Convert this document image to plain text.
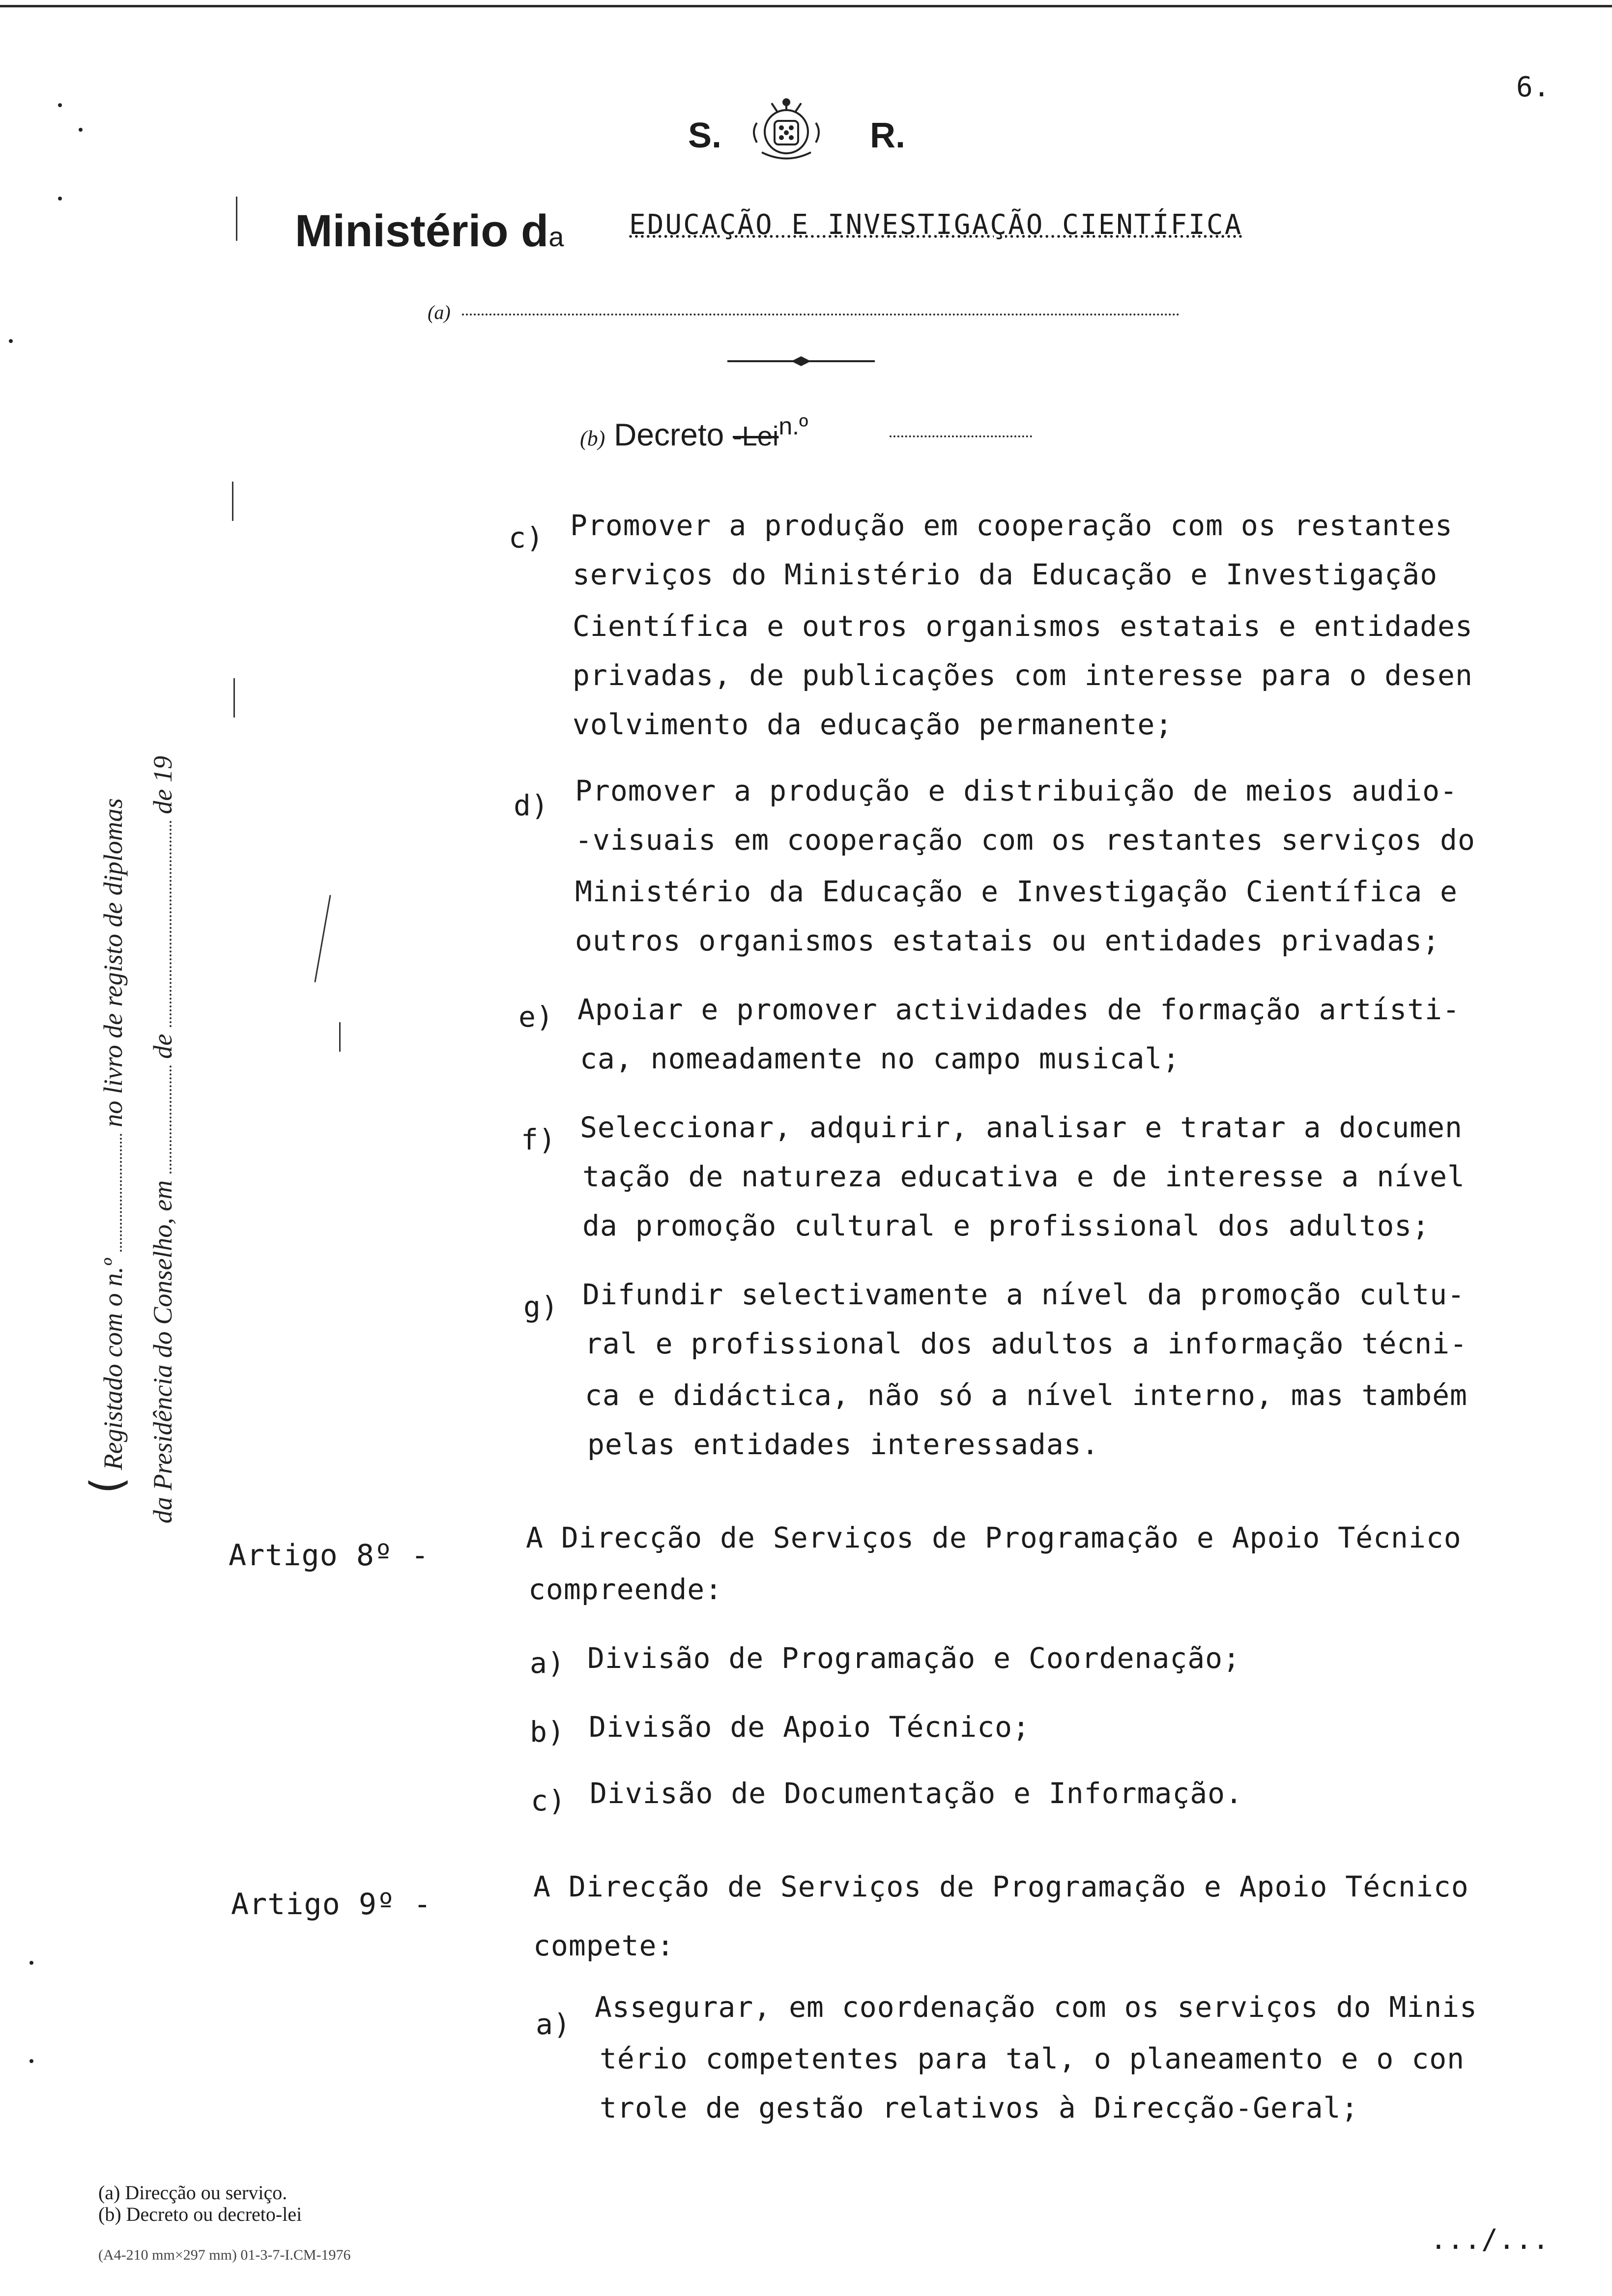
6.
S.	R.
Ministério da EDUCAÇÃO E INVESTIGAÇÃO CIENTÍFICA
(a)
(b) Decreto -Lei$^{n.º}$
( Registado com o n.º  no livro de registo de diplomas
da Presidência do Conselho, em  de  de 19
c) Promover a produção em cooperação com os restantes
serviços do Ministério da Educação e Investigação
Científica e outros organismos estatais e entidades
privadas, de publicações com interesse para o desen
volvimento da educação permanente;
d) Promover a produção e distribuição de meios audio-
-visuais em cooperação com os restantes serviços do
Ministério da Educação e Investigação Científica e
outros organismos estatais ou entidades privadas;
e) Apoiar e promover actividades de formação artísti-
ca, nomeadamente no campo musical;
f) Seleccionar, adquirir, analisar e tratar a documen
tação de natureza educativa e de interesse a nível
da promoção cultural e profissional dos adultos;
g) Difundir selectivamente a nível da promoção cultu-
ral e profissional dos adultos a informação técni-
ca e didáctica, não só a nível interno, mas também
pelas entidades interessadas.
Artigo 8º -
A Direcção de Serviços de Programação e Apoio Técnico
compreende:
a) Divisão de Programação e Coordenação;
b) Divisão de Apoio Técnico;
c) Divisão de Documentação e Informação.
Artigo 9º -
A Direcção de Serviços de Programação e Apoio Técnico
compete:
a)
Assegurar, em coordenação com os serviços do Minis
tério competentes para tal, o planeamento e o con
trole de gestão relativos à Direcção-Geral;
(a) Direcção ou serviço.
(b) Decreto ou decreto-lei
(A4-210 mm×297 mm) 01-3-7-I.CM-1976	.../...
